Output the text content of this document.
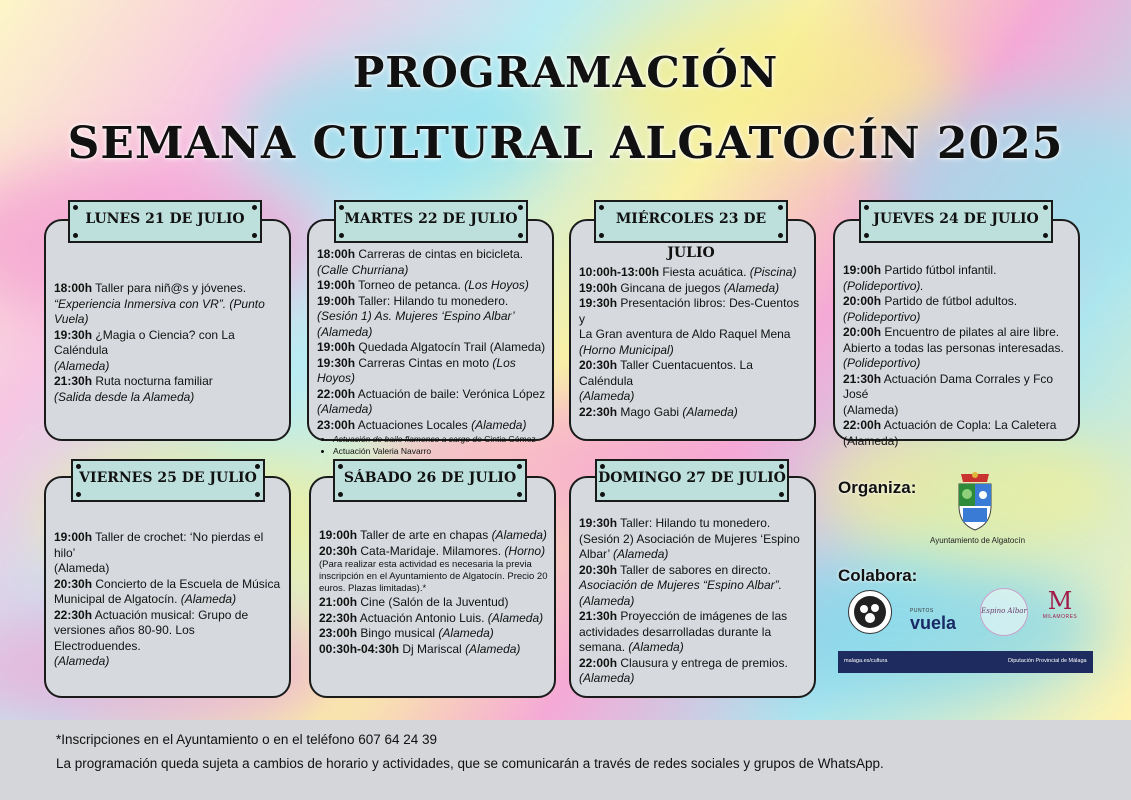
PROGRAMACIÓN
SEMANA CULTURAL ALGATOCÍN 2025
18:00h Taller para niñ@s y jóvenes.
“Experiencia Inmersiva con VR”. (Punto Vuela)
19:30h ¿Magia o Ciencia? con La Caléndula
(Alameda)
21:30h Ruta nocturna familiar
(Salida desde la Alameda)
LUNES 21 DE JULIO
18:00h Carreras de cintas en bicicleta.
(Calle Churriana)
19:00h Torneo de petanca. (Los Hoyos)
19:00h Taller: Hilando tu monedero.
(Sesión 1) As. Mujeres ‘Espino Albar’ (Alameda)
19:00h Quedada Algatocín Trail (Alameda)
19:30h Carreras Cintas en moto (Los Hoyos)
22:00h Actuación de baile: Verónica López
(Alameda)
23:00h Actuaciones Locales (Alameda)
• Actuación de baile flamenco a cargo de Cintia Gómez
• Actuación Valeria Navarro
MARTES 22 DE JULIO
10:00h-13:00h Fiesta acuática. (Piscina)
19:00h Gincana de juegos (Alameda)
19:30h Presentación libros: Des-Cuentos y
La Gran aventura de Aldo Raquel Mena
(Horno Municipal)
20:30h Taller Cuentacuentos. La Caléndula
(Alameda)
22:30h Mago Gabi (Alameda)
MIÉRCOLES 23 DE JULIO
19:00h Partido fútbol infantil.
(Polideportivo).
20:00h Partido de fútbol adultos.
(Polideportivo)
20:00h Encuentro de pilates al aire libre.
Abierto a todas las personas interesadas.
(Polideportivo)
21:30h Actuación Dama Corrales y Fco José
(Alameda)
22:00h Actuación de Copla: La Caletera
(Alameda)
JUEVES 24 DE JULIO
19:00h Taller de crochet: ‘No pierdas el hilo’
(Alameda)
20:30h Concierto de la Escuela de Música
Municipal de Algatocín. (Alameda)
22:30h Actuación musical: Grupo de
versiones años 80-90. Los Electroduendes.
(Alameda)
VIERNES 25 DE JULIO
19:00h Taller de arte en chapas (Alameda)
20:30h Cata-Maridaje. Milamores. (Horno)
(Para realizar esta actividad es necesaria la previa inscripción en el Ayuntamiento de Algatocín. Precio 20 euros. Plazas limitadas).*
21:00h Cine (Salón de la Juventud)
22:30h Actuación Antonio Luis. (Alameda)
23:00h Bingo musical (Alameda)
00:30h-04:30h Dj Mariscal (Alameda)
SÁBADO 26 DE JULIO
19:30h Taller: Hilando tu monedero.
(Sesión 2) Asociación de Mujeres ‘Espino
Albar’ (Alameda)
20:30h Taller de sabores en directo.
Asociación de Mujeres “Espino Albar”.
(Alameda)
21:30h Proyección de imágenes de las
actividades desarrolladas durante la
semana. (Alameda)
22:00h Clausura y entrega de premios.
(Alameda)
DOMINGO 27 DE JULIO	Organiza:
Ayuntamiento de Algatocín
Colabora:
PUNTOS
vuela
Espino Albar M
MILAMORES
malaga.es/cultura	Diputación Provincial de Málaga

*Inscripciones en el Ayuntamiento o en el teléfono 607 64 24 39

La programación queda sujeta a cambios de horario y actividades, que se comunicarán a través de redes sociales y grupos de WhatsApp.
